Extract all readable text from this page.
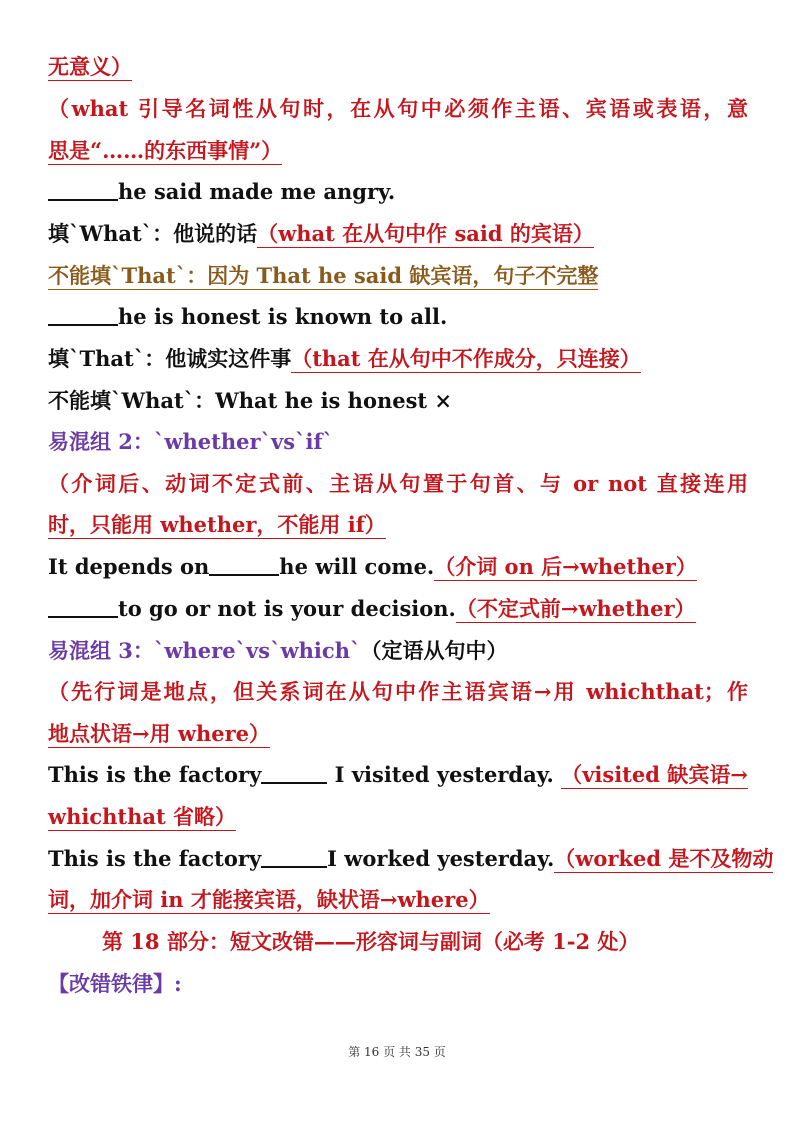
无意义）
（what 引导名词性从句时，在从句中必须作主语、宾语或表语，意
思是“……的东西事情”）
he said made me angry.
填`What`：他说的话（what 在从句中作 said 的宾语）
不能填`That`：因为 That he said 缺宾语，句子不完整
he is honest is known to all.
填`That`：他诚实这件事（that 在从句中不作成分，只连接）
不能填`What`：What he is honest ×
易混组 2：`whether`vs`if`
（介词后、动词不定式前、主语从句置于句首、与 or not 直接连用
时，只能用 whether，不能用 if）
It depends on	he will come.（介词 on 后→whether）
to go or not is your decision.（不定式前→whether）
易混组 3：`where`vs`which`（定语从句中）
（先行词是地点，但关系词在从句中作主语宾语→用 whichthat；作
地点状语→用 where）
This is the factory	I visited yesterday. （visited 缺宾语→
whichthat 省略）
This is the factory	I worked yesterday.（worked 是不及物动
词，加介词 in 才能接宾语，缺状语→where）
第 18 部分：短文改错——形容词与副词（必考 1-2 处）
【改错铁律】:
第 16 页 共 35 页
